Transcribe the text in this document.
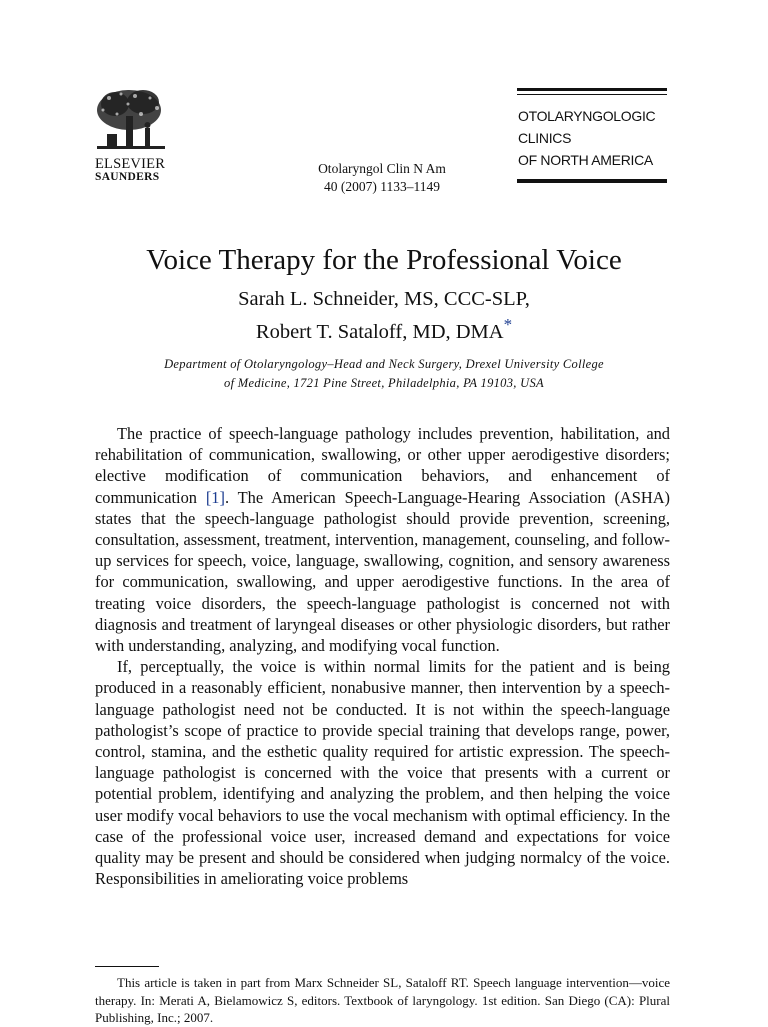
ELSEVIER
SAUNDERS
Otolaryngol Clin N Am
40 (2007) 1133–1149
OTOLARYNGOLOGIC
CLINICS
OF NORTH AMERICA
Voice Therapy for the Professional Voice
Sarah L. Schneider, MS, CCC-SLP,
Robert T. Sataloff, MD, DMA*
Department of Otolaryngology–Head and Neck Surgery, Drexel University College
of Medicine, 1721 Pine Street, Philadelphia, PA 19103, USA

The practice of speech-language pathology includes prevention, habilitation, and rehabilitation of communication, swallowing, or other upper aerodigestive disorders; elective modification of communication behaviors, and enhancement of communication [1]. The American Speech-Language-Hearing Association (ASHA) states that the speech-language pathologist should provide prevention, screening, consultation, assessment, treatment, intervention, management, counseling, and follow-up services for speech, voice, language, swallowing, cognition, and sensory awareness for communication, swallowing, and upper aerodigestive functions. In the area of treating voice disorders, the speech-language pathologist is concerned not with diagnosis and treatment of laryngeal diseases or other physiologic disorders, but rather with understanding, analyzing, and modifying vocal function.

If, perceptually, the voice is within normal limits for the patient and is being produced in a reasonably efficient, nonabusive manner, then intervention by a speech-language pathologist need not be conducted. It is not within the speech-language pathologist’s scope of practice to provide special training that develops range, power, control, stamina, and the esthetic quality required for artistic expression. The speech-language pathologist is concerned with the voice that presents with a current or potential problem, identifying and analyzing the problem, and then helping the voice user modify vocal behaviors to use the vocal mechanism with optimal efficiency. In the case of the professional voice user, increased demand and expectations for voice quality may be present and should be considered when judging normalcy of the voice. Responsibilities in ameliorating voice problems

This article is taken in part from Marx Schneider SL, Sataloff RT. Speech language intervention—voice therapy. In: Merati A, Bielamowicz S, editors. Textbook of laryngology. 1st edition. San Diego (CA): Plural Publishing, Inc.; 2007.
